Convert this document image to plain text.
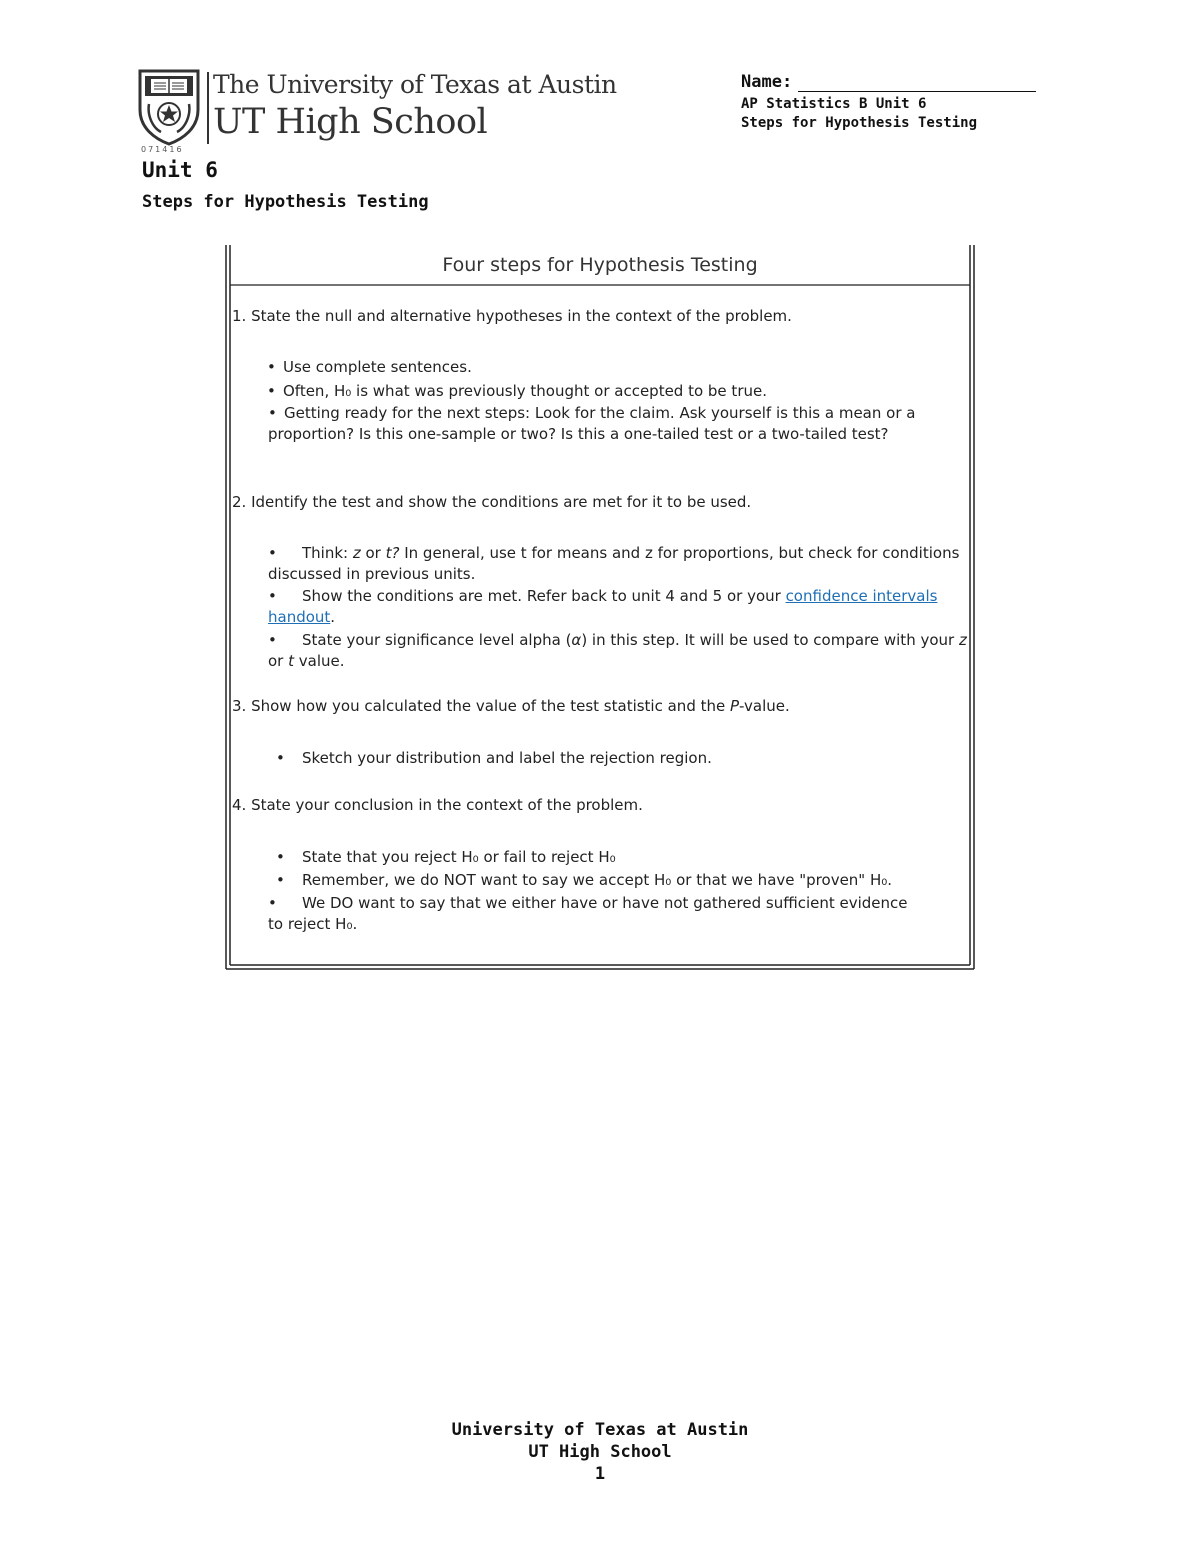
The University of Texas at Austin
UT High School
071416
Name:
AP Statistics B Unit 6
Steps for Hypothesis Testing
Unit 6
Steps for Hypothesis Testing
Four steps for Hypothesis Testing
1. State the null and alternative hypotheses in the context of the problem.
• Use complete sentences.
• Often, H₀ is what was previously thought or accepted to be true.
• Getting ready for the next steps: Look for the claim. Ask yourself is this a mean or a proportion? Is this one-sample or two? Is this a one-tailed test or a two-tailed test?
2. Identify the test and show the conditions are met for it to be used.
• Think: z or t? In general, use t for means and z for proportions, but check for conditions discussed in previous units.
• Show the conditions are met. Refer back to unit 4 and 5 or your confidence intervals handout.
• State your significance level alpha (α) in this step. It will be used to compare with your z or t value.
3. Show how you calculated the value of the test statistic and the P-value.
• Sketch your distribution and label the rejection region.
4. State your conclusion in the context of the problem.
• State that you reject H₀ or fail to reject H₀
• Remember, we do NOT want to say we accept H₀ or that we have "proven" H₀.
• We DO want to say that we either have or have not gathered sufficient evidence to reject H₀.
University of Texas at Austin
UT High School
1
